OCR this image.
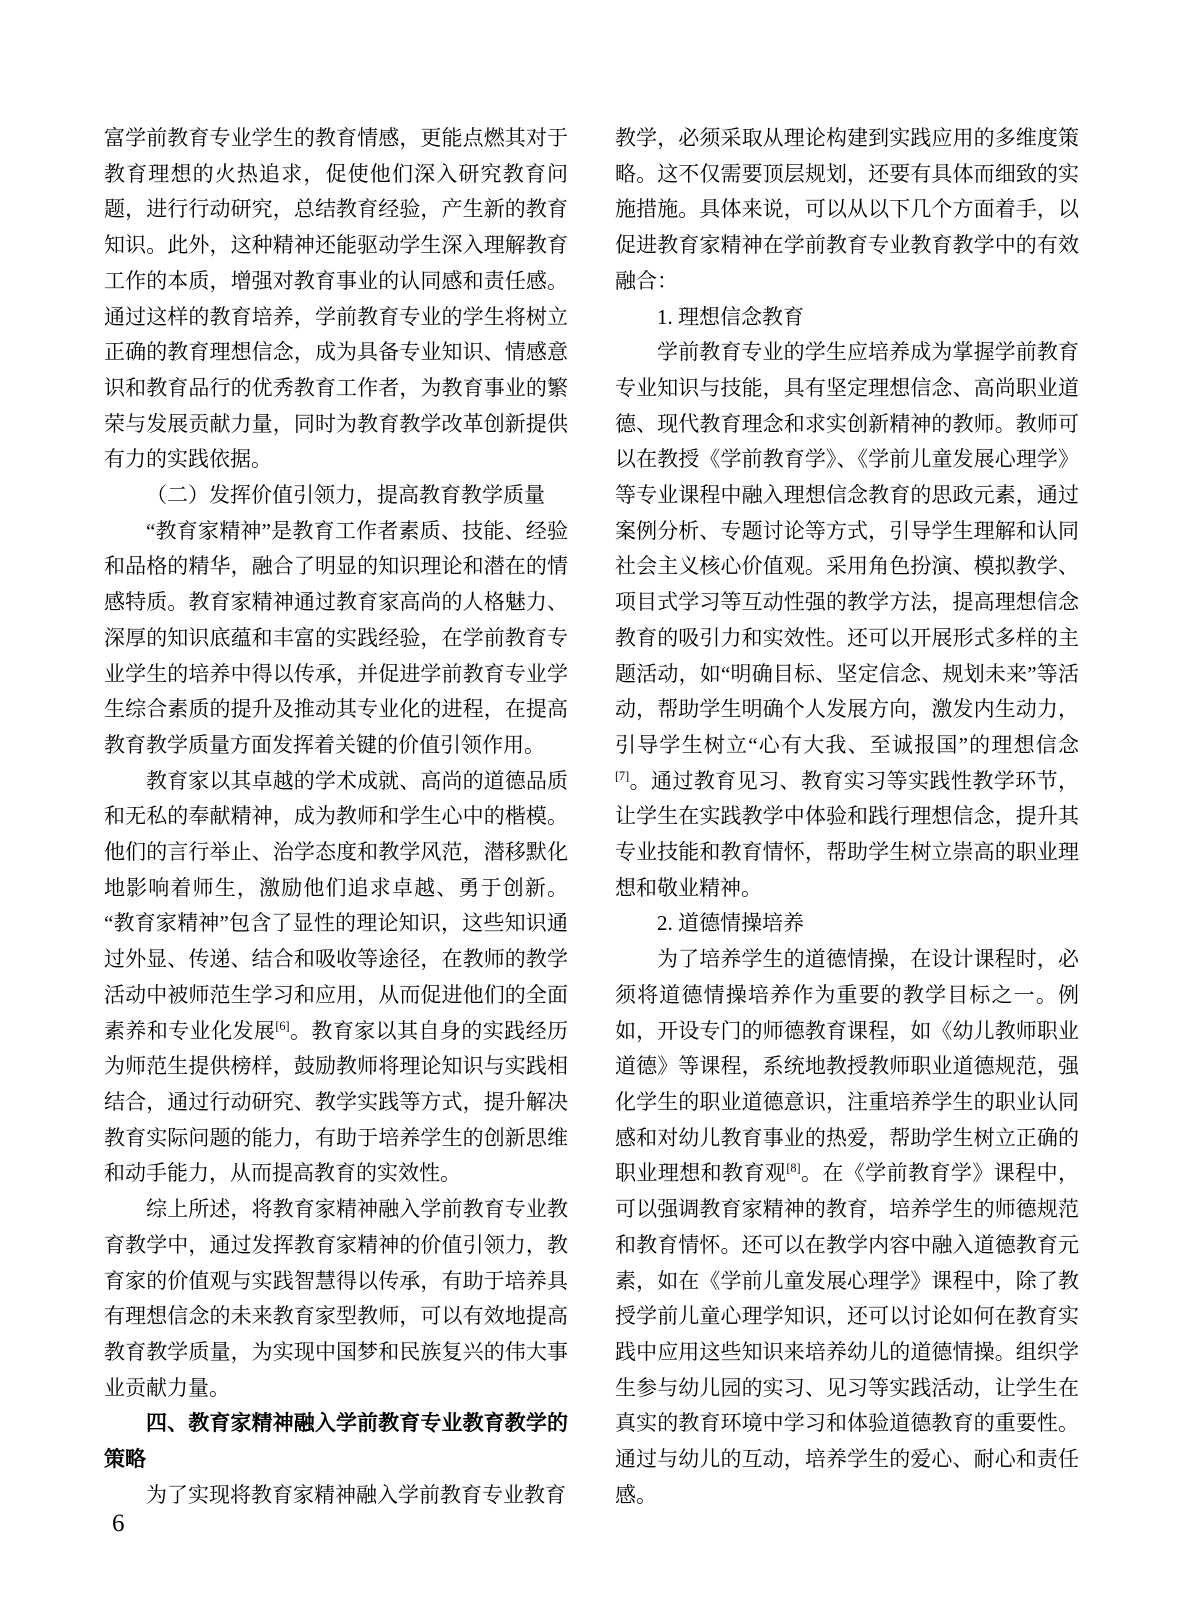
富学前教育专业学生的教育情感，更能点燃其对于教育理想的火热追求，促使他们深入研究教育问题，进行行动研究，总结教育经验，产生新的教育知识。此外，这种精神还能驱动学生深入理解教育工作的本质，增强对教育事业的认同感和责任感。通过这样的教育培养，学前教育专业的学生将树立正确的教育理想信念，成为具备专业知识、情感意识和教育品行的优秀教育工作者，为教育事业的繁荣与发展贡献力量，同时为教育教学改革创新提供有力的实践依据。

（二）发挥价值引领力，提高教育教学质量

“教育家精神”是教育工作者素质、技能、经验和品格的精华，融合了明显的知识理论和潜在的情感特质。教育家精神通过教育家高尚的人格魅力、深厚的知识底蕴和丰富的实践经验，在学前教育专业学生的培养中得以传承，并促进学前教育专业学生综合素质的提升及推动其专业化的进程，在提高教育教学质量方面发挥着关键的价值引领作用。

教育家以其卓越的学术成就、高尚的道德品质和无私的奉献精神，成为教师和学生心中的楷模。他们的言行举止、治学态度和教学风范，潜移默化地影响着师生，激励他们追求卓越、勇于创新。“教育家精神”包含了显性的理论知识，这些知识通过外显、传递、结合和吸收等途径，在教师的教学活动中被师范生学习和应用，从而促进他们的全面素养和专业化发展[6]。教育家以其自身的实践经历为师范生提供榜样，鼓励教师将理论知识与实践相结合，通过行动研究、教学实践等方式，提升解决教育实际问题的能力，有助于培养学生的创新思维和动手能力，从而提高教育的实效性。

综上所述，将教育家精神融入学前教育专业教育教学中，通过发挥教育家精神的价值引领力，教育家的价值观与实践智慧得以传承，有助于培养具有理想信念的未来教育家型教师，可以有效地提高教育教学质量，为实现中国梦和民族复兴的伟大事业贡献力量。

四、教育家精神融入学前教育专业教育教学的策略

为了实现将教育家精神融入学前教育专业教育

教学，必须采取从理论构建到实践应用的多维度策略。这不仅需要顶层规划，还要有具体而细致的实施措施。具体来说，可以从以下几个方面着手，以促进教育家精神在学前教育专业教育教学中的有效融合：

1. 理想信念教育

学前教育专业的学生应培养成为掌握学前教育专业知识与技能，具有坚定理想信念、高尚职业道德、现代教育理念和求实创新精神的教师。教师可以在教授《学前教育学》、《学前儿童发展心理学》等专业课程中融入理想信念教育的思政元素，通过案例分析、专题讨论等方式，引导学生理解和认同社会主义核心价值观。采用角色扮演、模拟教学、项目式学习等互动性强的教学方法，提高理想信念教育的吸引力和实效性。还可以开展形式多样的主题活动，如“明确目标、坚定信念、规划未来”等活动，帮助学生明确个人发展方向，激发内生动力，引导学生树立“心有大我、至诚报国”的理想信念[7]。通过教育见习、教育实习等实践性教学环节，让学生在实践教学中体验和践行理想信念，提升其专业技能和教育情怀，帮助学生树立崇高的职业理想和敬业精神。

2. 道德情操培养

为了培养学生的道德情操，在设计课程时，必须将道德情操培养作为重要的教学目标之一。例如，开设专门的师德教育课程，如《幼儿教师职业道德》等课程，系统地教授教师职业道德规范，强化学生的职业道德意识，注重培养学生的职业认同感和对幼儿教育事业的热爱，帮助学生树立正确的职业理想和教育观[8]。在《学前教育学》课程中，可以强调教育家精神的教育，培养学生的师德规范和教育情怀。还可以在教学内容中融入道德教育元素，如在《学前儿童发展心理学》课程中，除了教授学前儿童心理学知识，还可以讨论如何在教育实践中应用这些知识来培养幼儿的道德情操。组织学生参与幼儿园的实习、见习等实践活动，让学生在真实的教育环境中学习和体验道德教育的重要性。通过与幼儿的互动，培养学生的爱心、耐心和责任感。

6
